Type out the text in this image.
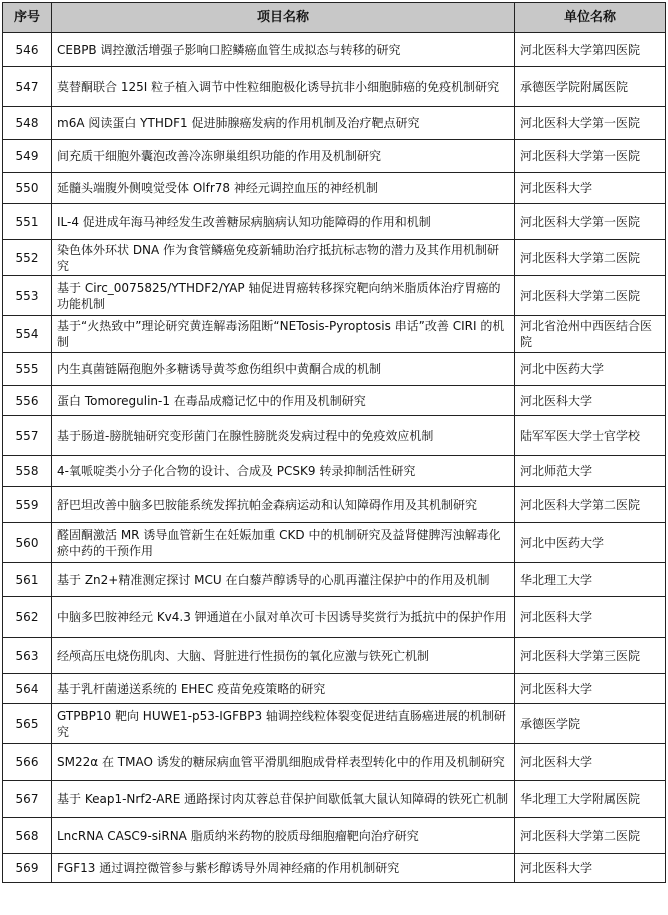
序号	项目名称	单位名称
546	CEBPB 调控激活增强子影响口腔鳞癌血管生成拟态与转移的研究	河北医科大学第四医院
547	莫替酮联合 125I 粒子植入调节中性粒细胞极化诱导抗非小细胞肺癌的免疫机制研究	承德医学院附属医院
548	m6A 阅读蛋白 YTHDF1 促进肺腺癌发病的作用机制及治疗靶点研究	河北医科大学第一医院
549	间充质干细胞外囊泡改善冷冻卵巢组织功能的作用及机制研究	河北医科大学第一医院
550	延髓头端腹外侧嗅觉受体 Olfr78 神经元调控血压的神经机制	河北医科大学
551	IL-4 促进成年海马神经发生改善糖尿病脑病认知功能障碍的作用和机制	河北医科大学第一医院
552	染色体外环状 DNA 作为食管鳞癌免疫新辅助治疗抵抗标志物的潜力及其作用机制研究	河北医科大学第二医院
553	基于 Circ_0075825/YTHDF2/YAP 轴促进胃癌转移探究靶向纳米脂质体治疗胃癌的功能机制	河北医科大学第二医院
554	基于“火热致中”理论研究黄连解毒汤阻断“NETosis-Pyroptosis 串话”改善 CIRI 的机制	河北省沧州中西医结合医院
555	内生真菌链隔孢胞外多糖诱导黄芩愈伤组织中黄酮合成的机制	河北中医药大学
556	蛋白 Tomoregulin-1 在毒品成瘾记忆中的作用及机制研究	河北医科大学
557	基于肠道-膀胱轴研究变形菌门在腺性膀胱炎发病过程中的免疫效应机制	陆军军医大学士官学校
558	4-氧哌啶类小分子化合物的设计、合成及 PCSK9 转录抑制活性研究	河北师范大学
559	舒巴坦改善中脑多巴胺能系统发挥抗帕金森病运动和认知障碍作用及其机制研究	河北医科大学第二医院
560	醛固酮激活 MR 诱导血管新生在妊娠加重 CKD 中的机制研究及益肾健脾泻浊解毒化瘀中药的干预作用	河北中医药大学
561	基于 Zn2+精准测定探讨 MCU 在白藜芦醇诱导的心肌再灌注保护中的作用及机制	华北理工大学
562	中脑多巴胺神经元 Kv4.3 钾通道在小鼠对单次可卡因诱导奖赏行为抵抗中的保护作用	河北医科大学
563	经颅高压电烧伤肌肉、大脑、肾脏进行性损伤的氧化应激与铁死亡机制	河北医科大学第三医院
564	基于乳杆菌递送系统的 EHEC 疫苗免疫策略的研究	河北医科大学
565	GTPBP10 靶向 HUWE1-p53-IGFBP3 轴调控线粒体裂变促进结直肠癌进展的机制研究	承德医学院
566	SM22α 在 TMAO 诱发的糖尿病血管平滑肌细胞成骨样表型转化中的作用及机制研究	河北医科大学
567	基于 Keap1-Nrf2-ARE 通路探讨肉苁蓉总苷保护间歇低氧大鼠认知障碍的铁死亡机制	华北理工大学附属医院
568	LncRNA CASC9-siRNA 脂质纳米药物的胶质母细胞瘤靶向治疗研究	河北医科大学第二医院
569	FGF13 通过调控微管参与紫杉醇诱导外周神经痛的作用机制研究	河北医科大学
